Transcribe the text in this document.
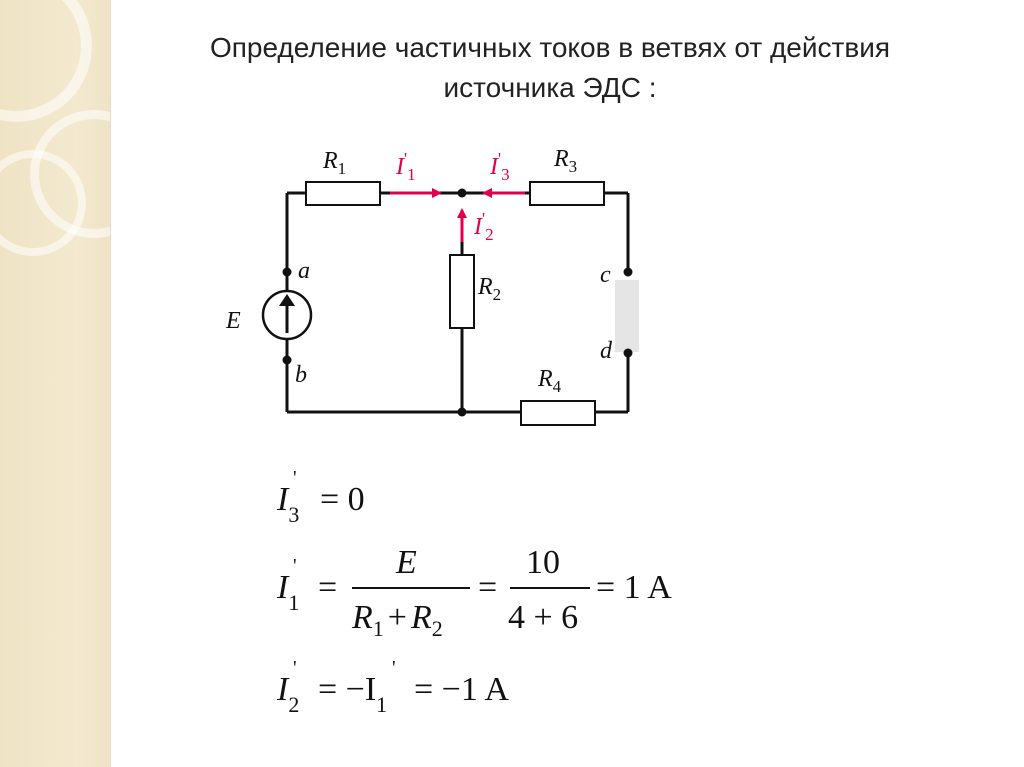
Определение частичных токов в ветвях от действия
источника ЭДС :
R1	R3
R2
R4
E
a
b
c
d
I'1	I'3
I'2
I3
'
= 0
I1
'
=
E
R1 + R2
=
10
4 + 6
= 1 A
I2
'
= −I1
'
= −1 A
